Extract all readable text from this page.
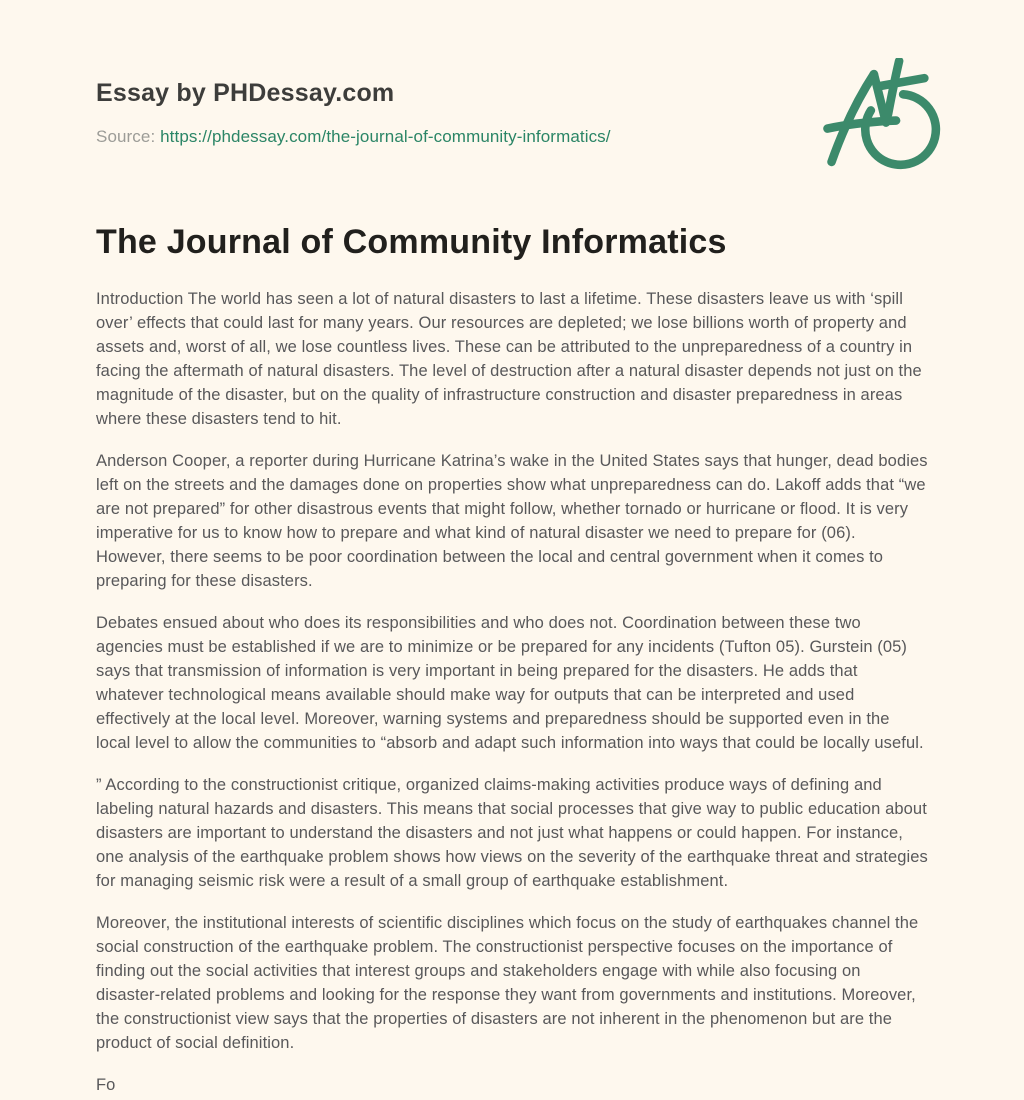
Essay by PHDessay.com

Source: https://phdessay.com/the-journal-of-community-informatics/

The Journal of Community Informatics

Introduction The world has seen a lot of natural disasters to last a lifetime. These disasters leave us with ‘spill over’ effects that could last for many years. Our resources are depleted; we lose billions worth of property and assets and, worst of all, we lose countless lives. These can be attributed to the unpreparedness of a country in facing the aftermath of natural disasters. The level of destruction after a natural disaster depends not just on the magnitude of the disaster, but on the quality of infrastructure construction and disaster preparedness in areas where these disasters tend to hit.

Anderson Cooper, a reporter during Hurricane Katrina’s wake in the United States says that hunger, dead bodies left on the streets and the damages done on properties show what unpreparedness can do. Lakoff adds that “we are not prepared” for other disastrous events that might follow, whether tornado or hurricane or flood. It is very imperative for us to know how to prepare and what kind of natural disaster we need to prepare for (06). However, there seems to be poor coordination between the local and central government when it comes to preparing for these disasters.

Debates ensued about who does its responsibilities and who does not. Coordination between these two agencies must be established if we are to minimize or be prepared for any incidents (Tufton 05). Gurstein (05) says that transmission of information is very important in being prepared for the disasters. He adds that whatever technological means available should make way for outputs that can be interpreted and used effectively at the local level. Moreover, warning systems and preparedness should be supported even in the local level to allow the communities to “absorb and adapt such information into ways that could be locally useful.

” According to the constructionist critique, organized claims-making activities produce ways of defining and labeling natural hazards and disasters. This means that social processes that give way to public education about disasters are important to understand the disasters and not just what happens or could happen. For instance, one analysis of the earthquake problem shows how views on the severity of the earthquake threat and strategies for managing seismic risk were a result of a small group of earthquake establishment.

Moreover, the institutional interests of scientific disciplines which focus on the study of earthquakes channel the social construction of the earthquake problem. The constructionist perspective focuses on the importance of finding out the social activities that interest groups and stakeholders engage with while also focusing on disaster-related problems and looking for the response they want from governments and institutions. Moreover, the constructionist view says that the properties of disasters are not inherent in the phenomenon but are the product of social definition.

Fo
